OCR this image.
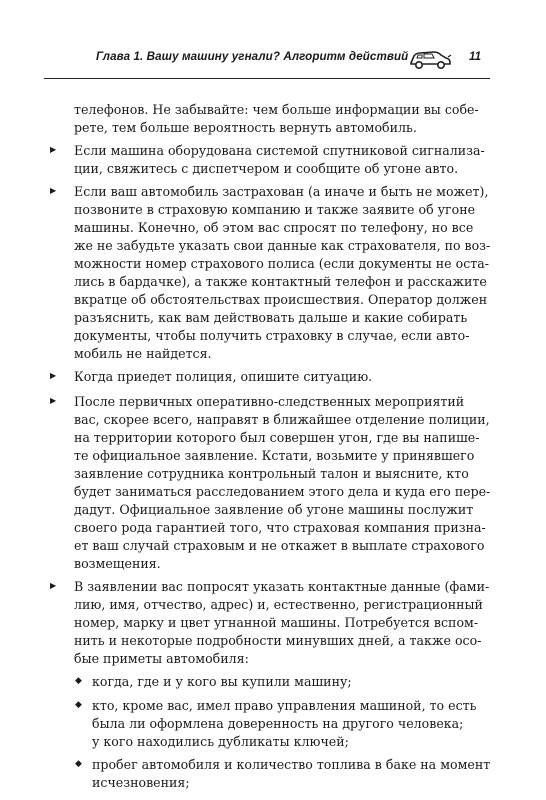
Глава 1. Вашу машину угнали? Алгоритм действий	11
телефонов. Не забывайте: чем больше информации вы собе-
рете, тем больше вероятность вернуть автомобиль.
▶ Если машина оборудована системой спутниковой сигнализа-
ции, свяжитесь с диспетчером и сообщите об угоне авто.
▶ Если ваш автомобиль застрахован (а иначе и быть не может),
позвоните в страховую компанию и также заявите об угоне
машины. Конечно, об этом вас спросят по телефону, но все
же не забудьте указать свои данные как страхователя, по воз-
можности номер страхового полиса (если документы не оста-
лись в бардачке), а также контактный телефон и расскажите
вкратце об обстоятельствах происшествия. Оператор должен
разъяснить, как вам действовать дальше и какие собирать
документы, чтобы получить страховку в случае, если авто-
мобиль не найдется.
▶ Когда приедет полиция, опишите ситуацию.
▶ После первичных оперативно-следственных мероприятий
вас, скорее всего, направят в ближайшее отделение полиции,
на территории которого был совершен угон, где вы напише-
те официальное заявление. Кстати, возьмите у принявшего
заявление сотрудника контрольный талон и выясните, кто
будет заниматься расследованием этого дела и куда его пере-
дадут. Официальное заявление об угоне машины послужит
своего рода гарантией того, что страховая компания призна-
ет ваш случай страховым и не откажет в выплате страхового
возмещения.
▶ В заявлении вас попросят указать контактные данные (фами-
лию, имя, отчество, адрес) и, естественно, регистрационный
номер, марку и цвет угнанной машины. Потребуется вспом-
нить и некоторые подробности минувших дней, а также осо-
бые приметы автомобиля:
◆ когда, где и у кого вы купили машину;
◆ кто, кроме вас, имел право управления машиной, то есть
была ли оформлена доверенность на другого человека;
у кого находились дубликаты ключей;
◆ пробег автомобиля и количество топлива в баке на момент
исчезновения;
